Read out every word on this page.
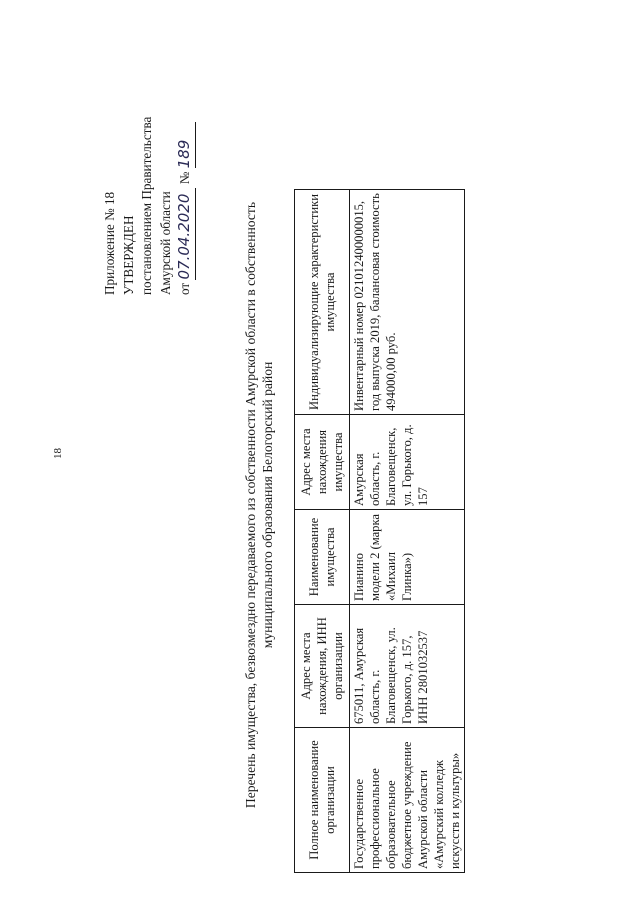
18
Приложение № 18 УТВЕРЖДЕН постановлением Правительства Амурской области от 07.04.2020 № 189
Перечень имущества, безвозмездно передаваемого из собственности Амурской области в собственность муниципального образования Белогорский район
Полное наименование организации	Адрес места нахождения, ИНН организации	Наименование имущества	Адрес места нахождения имущества	Индивидуализирующие характеристики имущества
Государственное профессиональное образовательное бюджетное учреждение Амурской области «Амурский колледж искусств и культуры»	675011, Амурская область, г. Благовещенск, ул. Горького, д. 157, ИНН 2801032537	Пианино модели 2 (марка «Михаил Глинка»)	Амурская область, г. Благовещенск, ул. Горького, д. 157	Инвентарный номер 021012400000015, год выпуска 2019, балансовая стоимость 494000,00 руб.
